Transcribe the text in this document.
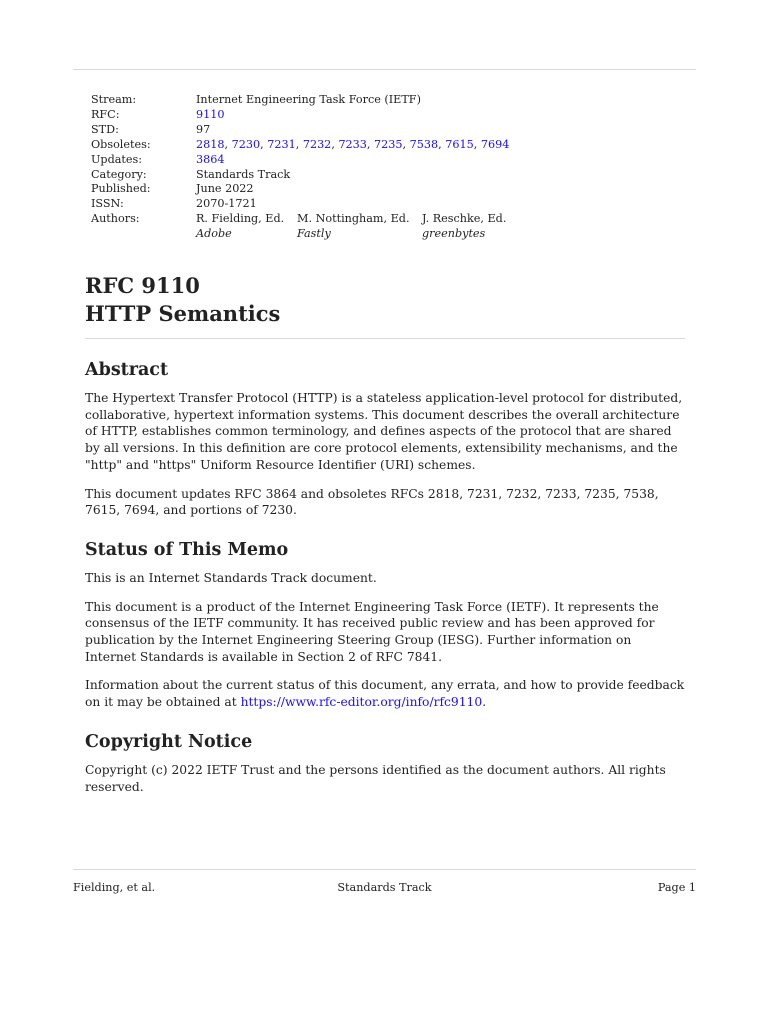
Stream:	Internet Engineering Task Force (IETF)
RFC:	9110
STD:	97
Obsoletes:	2818, 7230, 7231, 7232, 7233, 7235, 7538, 7615, 7694
Updates:	3864
Category:	Standards Track
Published:	June 2022
ISSN:	2070-1721
Authors:	R. Fielding, Ed.
Adobe
M. Nottingham, Ed.
Fastly
J. Reschke, Ed.
greenbytes
RFC 9110
HTTP Semantics
Abstract

The Hypertext Transfer Protocol (HTTP) is a stateless application-level protocol for distributed, collaborative, hypertext information systems. This document describes the overall architecture of HTTP, establishes common terminology, and defines aspects of the protocol that are shared by all versions. In this definition are core protocol elements, extensibility mechanisms, and the "http" and "https" Uniform Resource Identifier (URI) schemes.

This document updates RFC 3864 and obsoletes RFCs 2818, 7231, 7232, 7233, 7235, 7538, 7615, 7694, and portions of 7230.

Status of This Memo

This is an Internet Standards Track document.

This document is a product of the Internet Engineering Task Force (IETF). It represents the consensus of the IETF community. It has received public review and has been approved for publication by the Internet Engineering Steering Group (IESG). Further information on Internet Standards is available in Section 2 of RFC 7841.

Information about the current status of this document, any errata, and how to provide feedback on it may be obtained at https://www.rfc-editor.org/info/rfc9110.

Copyright Notice

Copyright (c) 2022 IETF Trust and the persons identified as the document authors. All rights reserved.

Fielding, et al.	Standards Track	Page 1
